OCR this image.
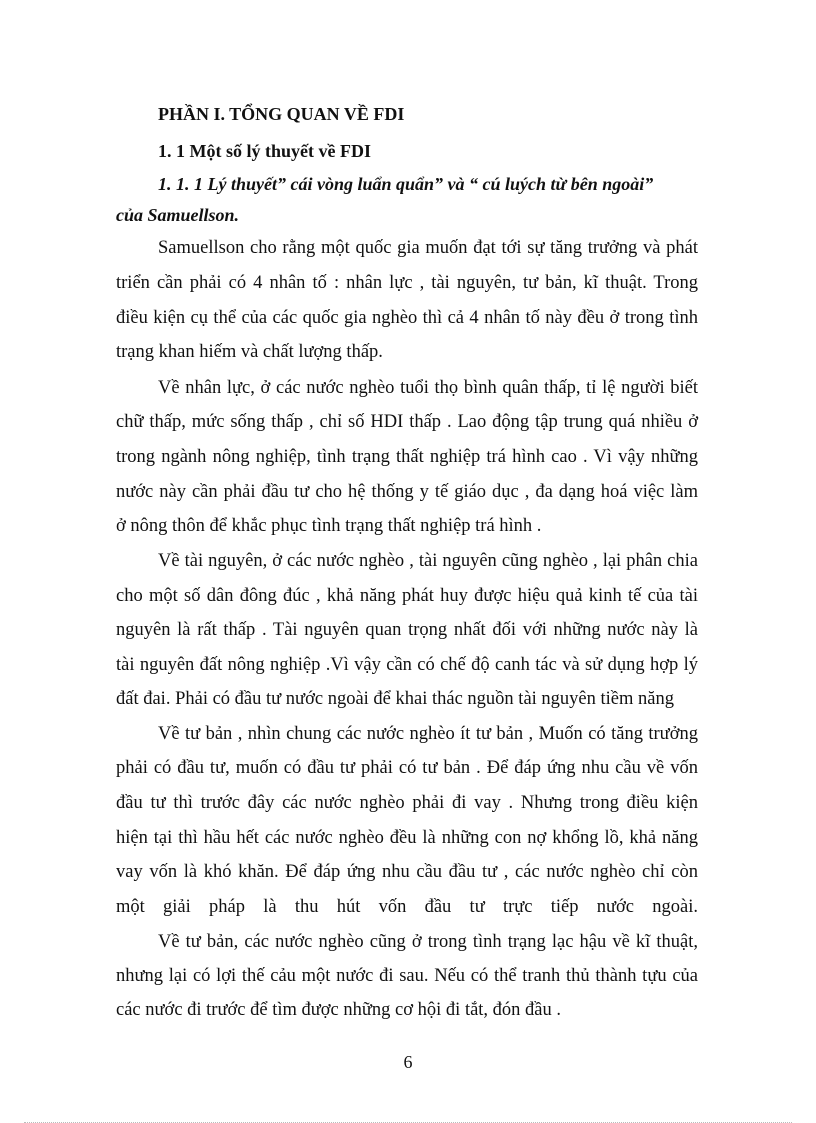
PHẦN I. TỔNG QUAN VỀ FDI
1. 1 Một số lý thuyết về FDI
1. 1. 1 Lý thuyết” cái vòng luẩn quẩn” và “ cú luých từ bên ngoài”
của Samuellson.
Samuellson cho rằng một quốc gia muốn đạt tới sự tăng trưởng và phát
triển cần phải có 4 nhân tố : nhân lực , tài nguyên, tư bản, kĩ thuật. Trong
điều kiện cụ thể của các quốc gia nghèo thì cả 4 nhân tố này đều ở trong tình
trạng khan hiếm và chất lượng thấp.
Về nhân lực, ở các nước nghèo tuổi thọ bình quân thấp, tỉ lệ người biết
chữ thấp, mức sống thấp , chỉ số HDI thấp . Lao động tập trung quá nhiều ở
trong ngành nông nghiệp, tình trạng thất nghiệp trá hình cao . Vì vậy những
nước này cần phải đầu tư cho hệ thống y tế giáo dục , đa dạng hoá việc làm
ở nông thôn để khắc phục tình trạng thất nghiệp trá hình .
Về tài nguyên, ở các nước nghèo , tài nguyên cũng nghèo , lại phân chia
cho một số dân đông đúc , khả năng phát huy được hiệu quả kinh tế của tài
nguyên là rất thấp . Tài nguyên quan trọng nhất đối với những nước này là
tài nguyên đất nông nghiệp .Vì vậy cần có chế độ canh tác và sử dụng hợp lý
đất đai. Phải có đầu tư nước ngoài để khai thác nguồn tài nguyên tiềm năng
Về tư bản , nhìn chung các nước nghèo ít tư bản , Muốn có tăng trưởng
phải có đầu tư, muốn có đầu tư phải có tư bản . Để đáp ứng nhu cầu về vốn
đầu tư thì trước đây các nước nghèo phải đi vay . Nhưng trong điều kiện
hiện tại thì hầu hết các nước nghèo đều là những con nợ khổng lồ, khả năng
vay vốn là khó khăn. Để đáp ứng nhu cầu đầu tư , các nước nghèo chỉ còn
một giải pháp là thu hút vốn đầu tư trực tiếp nước ngoài.
Về tư bản, các nước nghèo cũng ở trong tình trạng lạc hậu về kĩ thuật,
nhưng lại có lợi thế cảu một nước đi sau. Nếu có thể tranh thủ thành tựu của
các nước đi trước để tìm được những cơ hội đi tắt, đón đầu .
6
